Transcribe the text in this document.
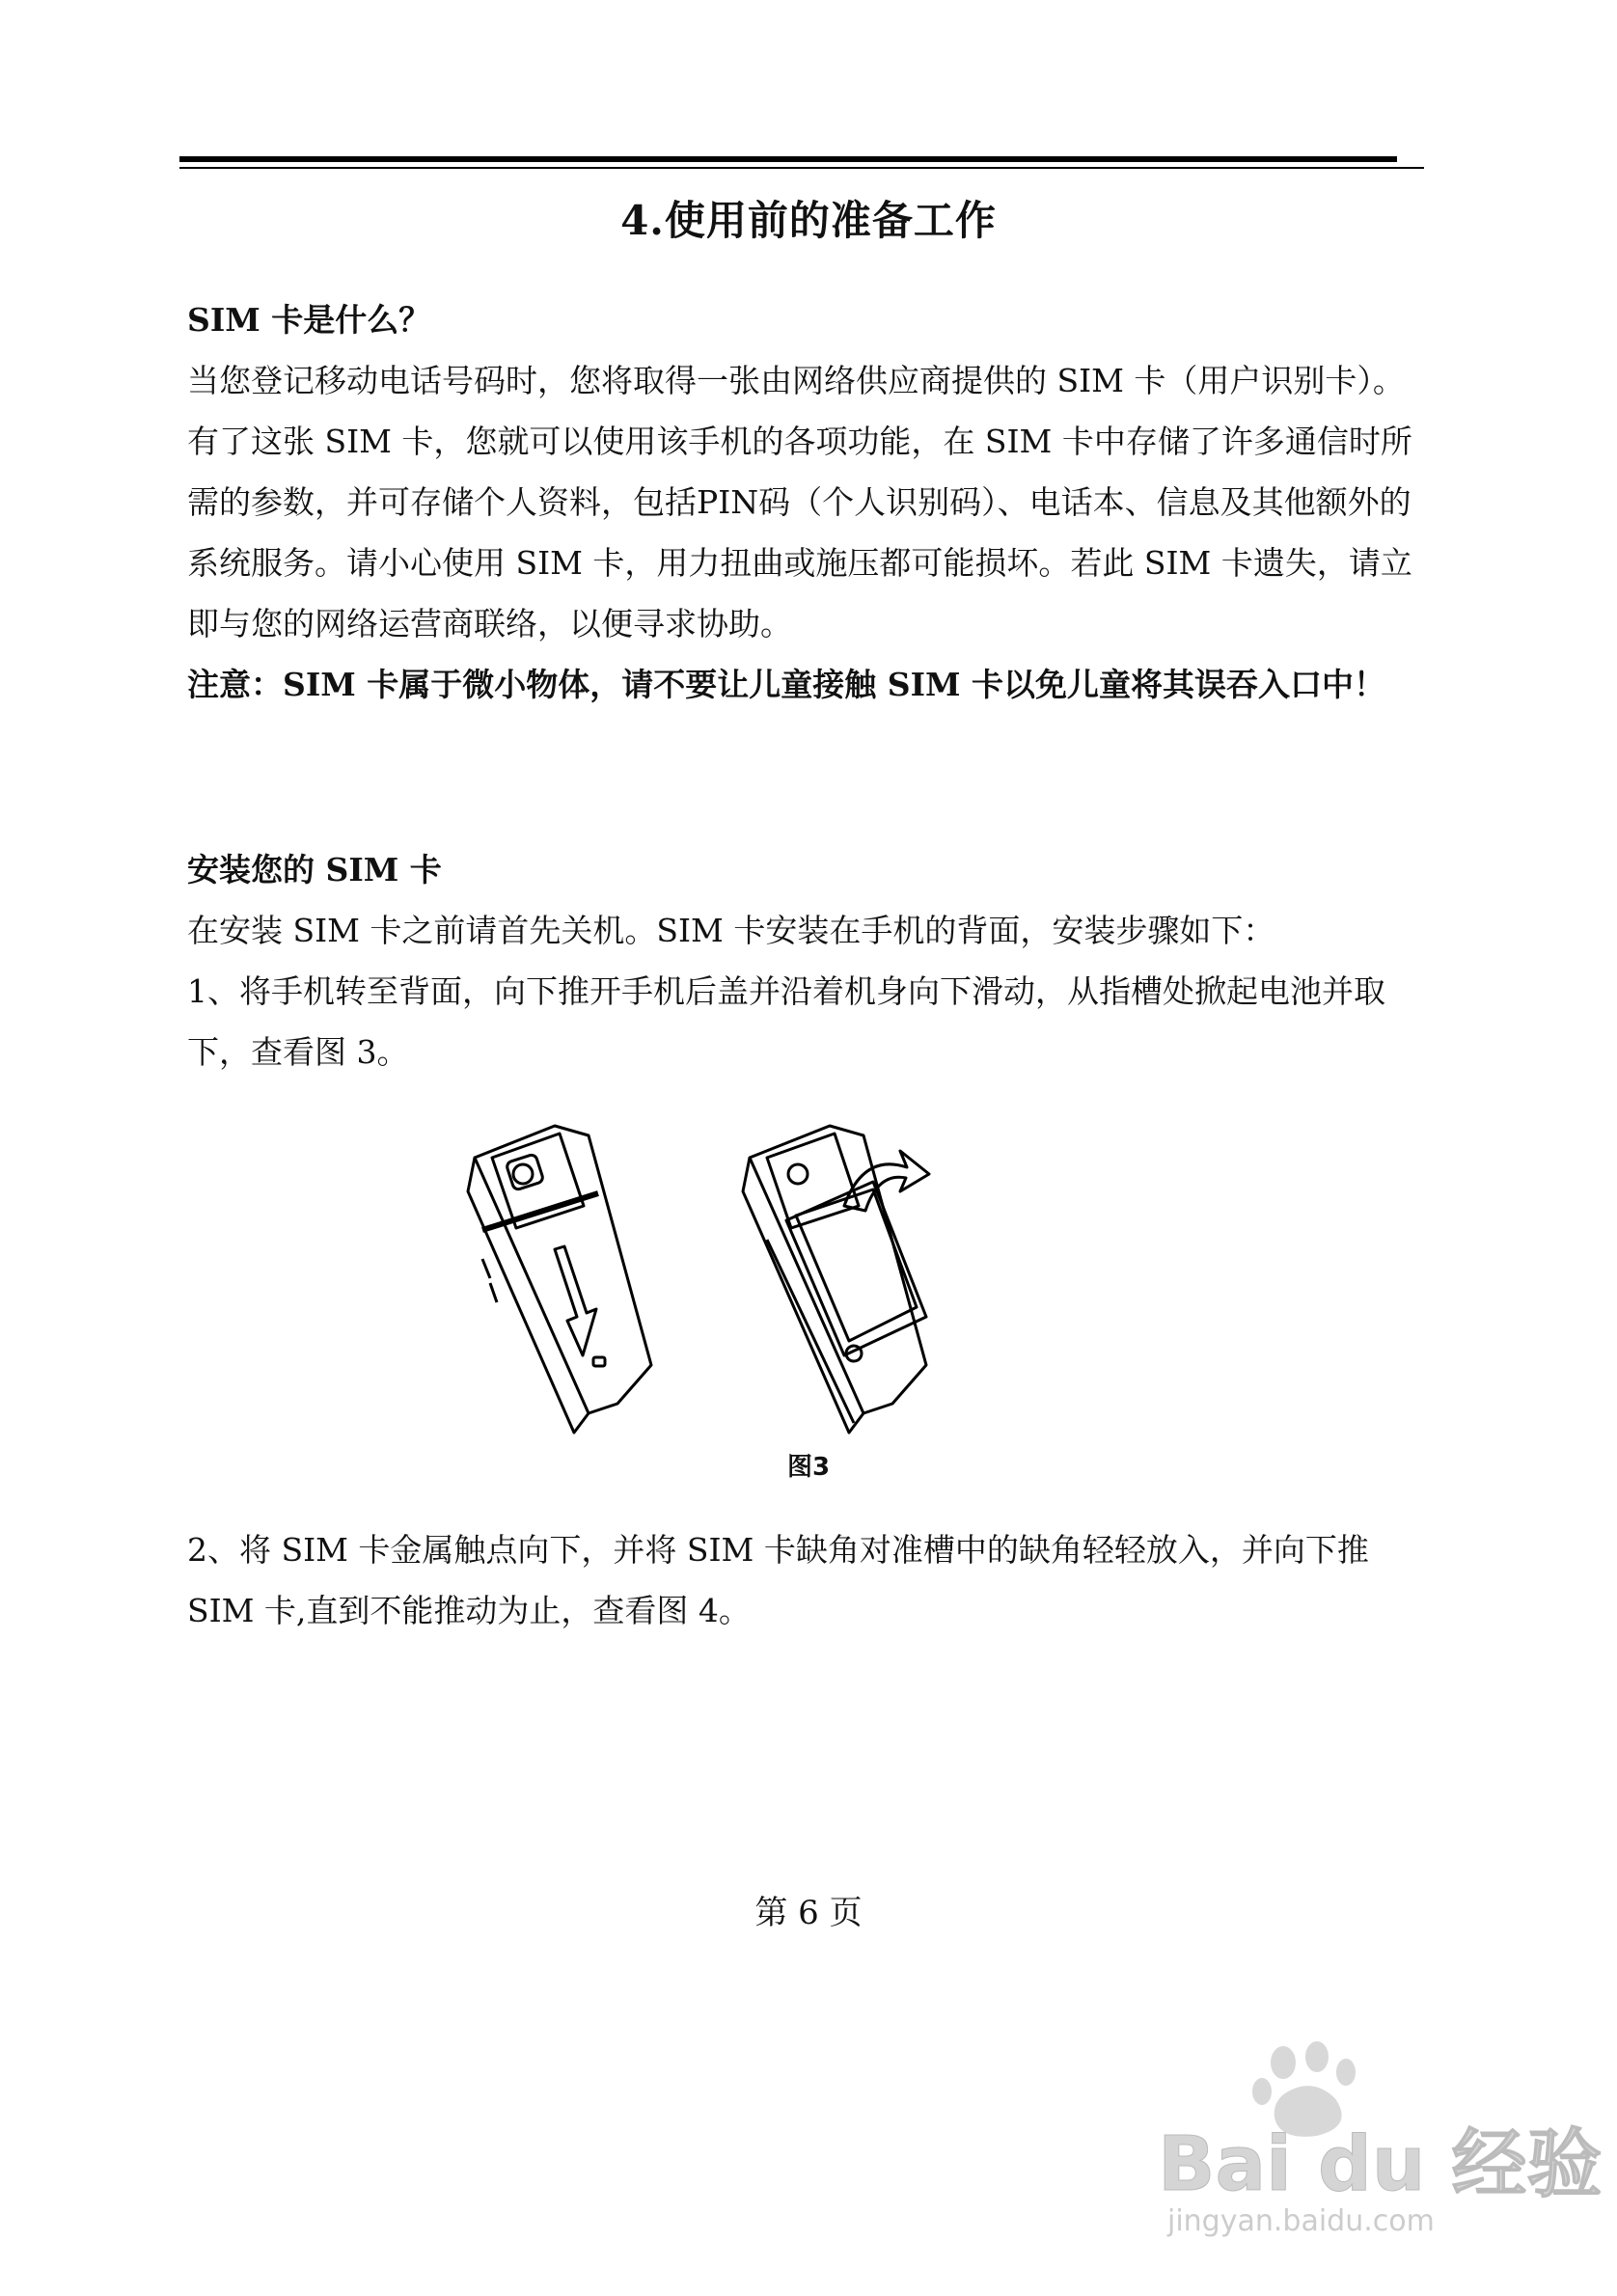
4.使用前的准备工作

SIM 卡是什么？

当您登记移动电话号码时，您将取得一张由网络供应商提供的 SIM 卡（用户识别卡）。

有了这张 SIM 卡，您就可以使用该手机的各项功能，在 SIM 卡中存储了许多通信时所需的参数，并可存储个人资料，包括PIN码（个人识别码）、电话本、信息及其他额外的系统服务。请小心使用 SIM 卡，用力扭曲或施压都可能损坏。若此 SIM 卡遗失，请立即与您的网络运营商联络，以便寻求协助。

注意：SIM 卡属于微小物体，请不要让儿童接触 SIM 卡以免儿童将其误吞入口中！

安装您的 SIM 卡

在安装 SIM 卡之前请首先关机。SIM 卡安装在手机的背面，安装步骤如下：

1、将手机转至背面，向下推开手机后盖并沿着机身向下滑动，从指槽处掀起电池并取下，查看图 3。

图3

2、将 SIM 卡金属触点向下，并将 SIM 卡缺角对准槽中的缺角轻轻放入，并向下推 SIM 卡,直到不能推动为止，查看图 4。

第 6 页
Bai du 经验
jingyan.baidu.com
